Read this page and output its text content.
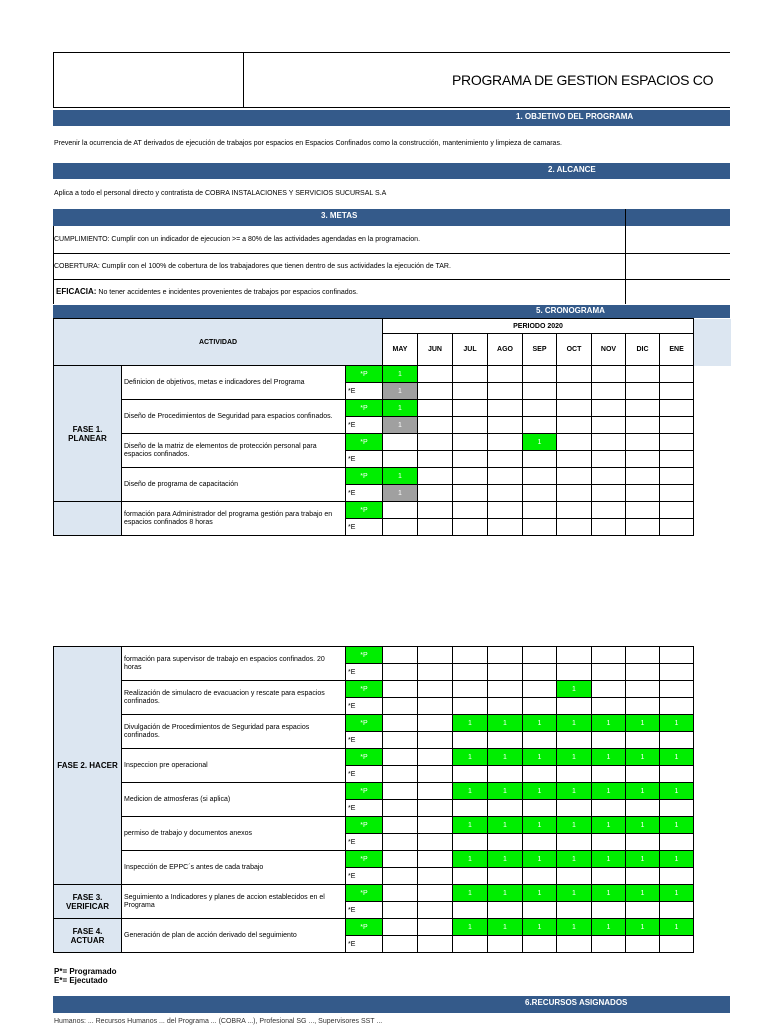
PROGRAMA DE GESTION ESPACIOS CO
1. OBJETIVO DEL PROGRAMA
Prevenir la ocurrencia de AT derivados de ejecución de trabajos por espacios en Espacios Confinados como la construcción, mantenimiento y limpieza de camaras.
2. ALCANCE
Aplica a todo el personal directo y contratista de COBRA INSTALACIONES Y SERVICIOS SUCURSAL S.A
3. METAS
CUMPLIMIENTO: Cumplir con un indicador de ejecucion >= a 80% de las actividades agendadas en la programacion.
COBERTURA: Cumplir con el 100% de cobertura de los trabajadores que tienen dentro de sus actividades la ejecución de TAR.
EFICACIA: No tener accidentes e incidentes provenientes de trabajos por espacios confinados.
5. CRONOGRAMA
ACTIVIDAD			PERIODO 2020									
			MAY	JUN	JUL	AGO	SEP	OCT	NOV	DIC	ENE	
FASE 1. PLANEAR	Definicion de objetivos, metas e indicadores del Programa	*P	1									
		*E	1									
	Diseño de Procedimientos de Seguridad para espacios confinados.	*P	1									
		*E	1									
	Diseño de la matriz de elementos de protección personal para espacios confinados.	*P					1					
		*E										
	Diseño de programa de capacitación	*P	1									
		*E	1									
	formación para Administrador del programa gestión para trabajo en espacios confinados 8 horas	*P										
		*E										
FASE 2. HACER	formación para supervisor de trabajo en espacios confinados. 20 horas	*P									
		*E									
	Realización de simulacro de evacuacion y rescate para espacios confinados.	*P						1			
		*E									
	Divulgación de Procedimientos de Seguridad para espacios confinados.	*P			1	1	1	1	1	1	1
		*E									
	Inspeccion pre operacional	*P			1	1	1	1	1	1	1
		*E									
	Medicion de atmosferas (si aplica)	*P			1	1	1	1	1	1	1
		*E									
	permiso de trabajo y documentos anexos	*P			1	1	1	1	1	1	1
		*E									
	Inspección de EPPC´s antes de cada trabajo	*P			1	1	1	1	1	1	1
		*E									
FASE 3. VERIFICAR	Seguimiento a Indicadores y planes de accion establecidos en el Programa	*P			1	1	1	1	1	1	1
		*E									
FASE 4. ACTUAR	Generación de plan de acción derivado del seguimiento	*P			1	1	1	1	1	1	1
		*E									
P*= Programado
E*= Ejecutado
6.RECURSOS ASIGNADOS
Humanos: ... Recursos Humanos ... del Programa ... (COBRA ...), Profesional SG ..., Supervisores SST ...
